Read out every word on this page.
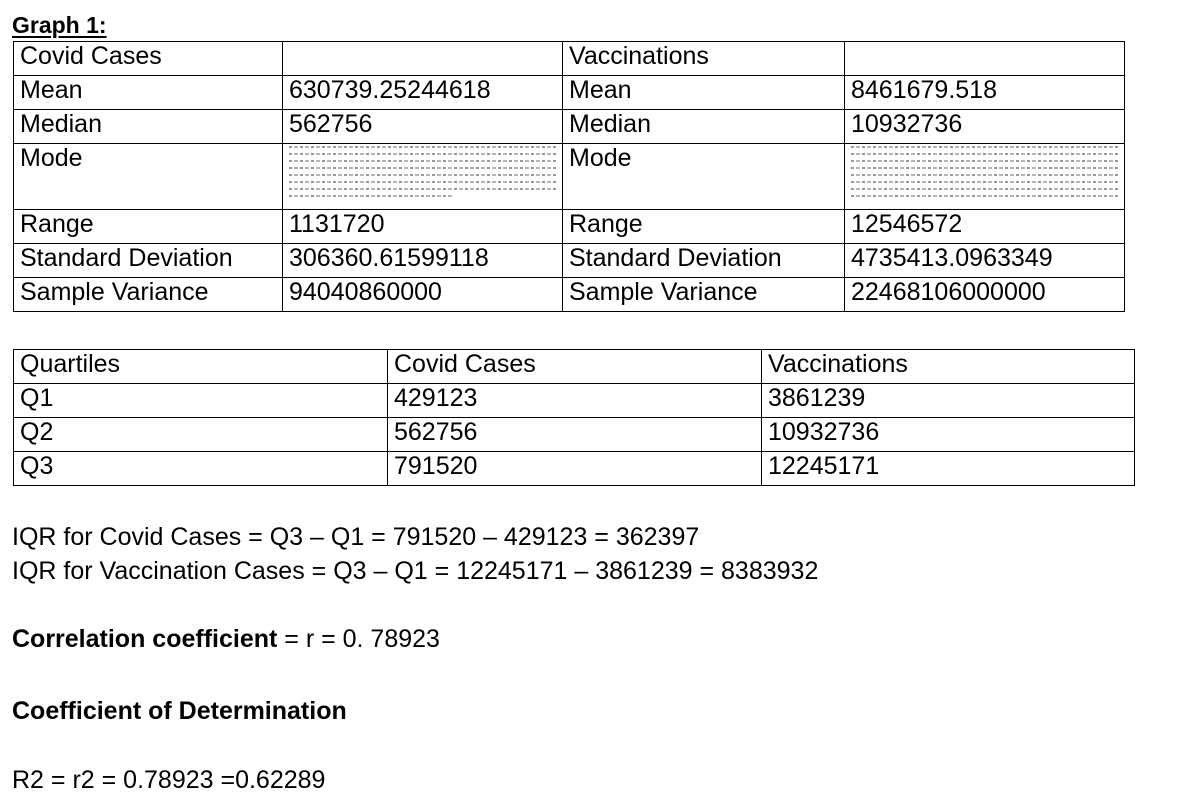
Graph 1:
Covid Cases		Vaccinations	
Mean	630739.25244618	Mean	8461679.518
Median	562756	Median	10932736
Mode		Mode	

Range	1131720	Range	12546572
Standard Deviation	306360.61599118	Standard Deviation	4735413.0963349
Sample Variance	94040860000	Sample Variance	22468106000000
Quartiles	Covid Cases	Vaccinations
Q1	429123	3861239
Q2	562756	10932736
Q3	791520	12245171
IQR for Covid Cases = Q3 – Q1 = 791520 – 429123 = 362397
IQR for Vaccination Cases = Q3 – Q1 = 12245171 – 3861239 = 8383932
Correlation coefficient = r = 0. 78923
Coefficient of Determination
R2 = r2 = 0.78923 =0.62289
